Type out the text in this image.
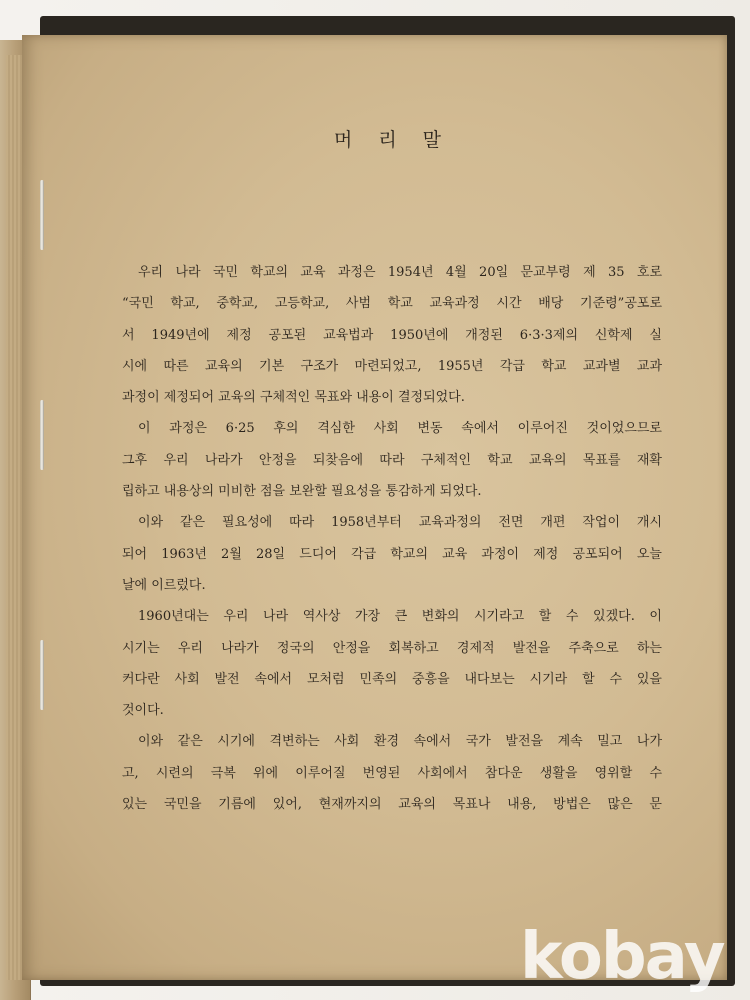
머리말
우리 나라 국민 학교의 교육 과정은 1954년 4월 20일 문교부령 제 35 호로
“국민 학교, 중학교, 고등학교, 사범 학교 교육과정 시간 배당 기준령”공포로
서 1949년에 제정 공포된 교육법과 1950년에 개정된 6·3·3제의 신학제 실
시에 따른 교육의 기본 구조가 마련되었고, 1955년 각급 학교 교과별 교과
과정이 제정되어 교육의 구체적인 목표와 내용이 결정되었다.
이 과정은 6·25 후의 격심한 사회 변동 속에서 이루어진 것이었으므로
그후 우리 나라가 안정을 되찾음에 따라 구체적인 학교 교육의 목표를 재확
립하고 내용상의 미비한 점을 보완할 필요성을 통감하게 되었다.
이와 같은 필요성에 따라 1958년부터 교육과정의 전면 개편 작업이 개시
되어 1963년 2월 28일 드디어 각급 학교의 교육 과정이 제정 공포되어 오늘
날에 이르렀다.
1960년대는 우리 나라 역사상 가장 큰 변화의 시기라고 할 수 있겠다. 이
시기는 우리 나라가 정국의 안정을 회복하고 경제적 발전을 주축으로 하는
커다란 사회 발전 속에서 모처럼 민족의 중흥을 내다보는 시기라 할 수 있을
것이다.
이와 같은 시기에 격변하는 사회 환경 속에서 국가 발전을 계속 밀고 나가
고, 시련의 극복 위에 이루어질 번영된 사회에서 참다운 생활을 영위할 수
있는 국민을 기름에 있어, 현재까지의 교육의 목표나 내용, 방법은 많은 문
kobay
